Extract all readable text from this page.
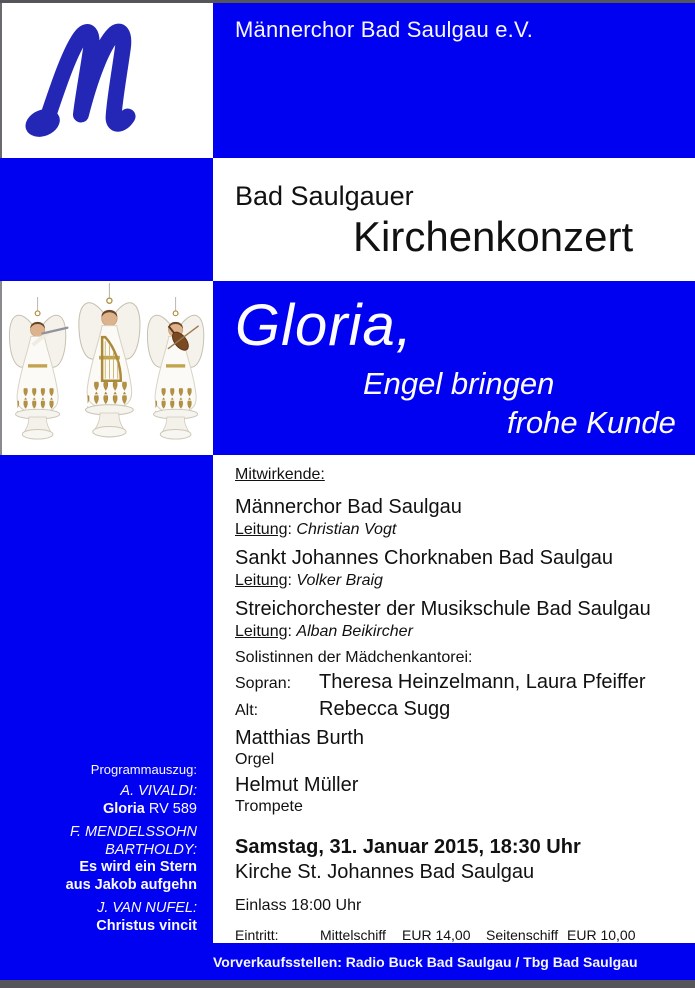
Männerchor Bad Saulgau e.V.
Bad Saulgauer
Kirchenkonzert
Gloria,
Engel bringen
frohe Kunde
Programmauszug:
A. VIVALDI:
Gloria RV 589
F. MENDELSSOHN
BARTHOLDY:
Es wird ein Stern
aus Jakob aufgehn
J. VAN NUFEL:
Christus vincit
Mitwirkende:
Männerchor Bad Saulgau
Leitung: Christian Vogt
Sankt Johannes Chorknaben Bad Saulgau
Leitung: Volker Braig
Streichorchester der Musikschule Bad Saulgau
Leitung: Alban Beikircher
Solistinnen der Mädchenkantorei:
Sopran:	Theresa Heinzelmann, Laura Pfeiffer
Alt:	Rebecca Sugg
Matthias Burth
Orgel
Helmut Müller
Trompete
Samstag, 31. Januar 2015, 18:30 Uhr
Kirche St. Johannes Bad Saulgau
Einlass 18:00 Uhr
Eintritt:	Mittelschiff	EUR 14,00	Seitenschiff EUR 10,00
Vorverkaufsstellen: Radio Buck Bad Saulgau / Tbg Bad Saulgau
